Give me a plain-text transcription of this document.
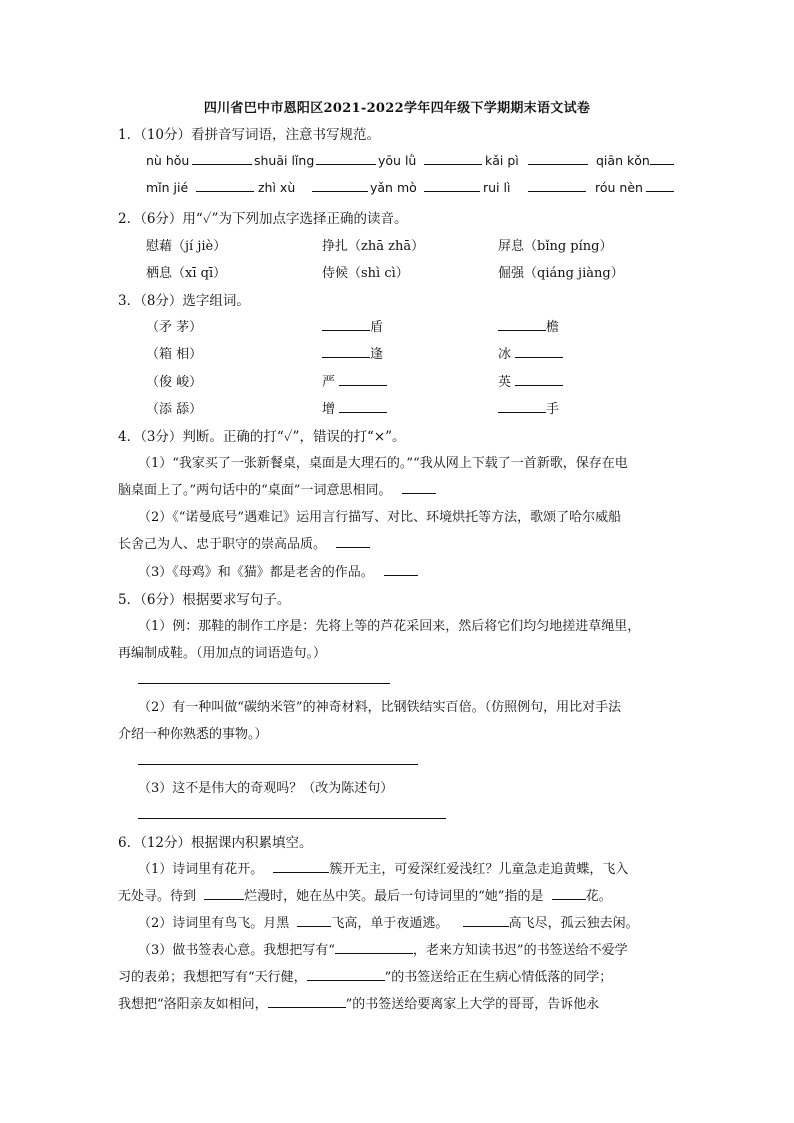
四川省巴中市恩阳区2021-2022学年四年级下学期期末语文试卷
1．（10分）看拼音写词语，注意书写规范。
nù hǒu	shuāi lǐng	yōu lǜ	kǎi pì	qiān kǒn
mǐn jié	zhì xù	yǎn mò	rui lì	róu nèn
2．（6分）用“✓”为下列加点字选择正确的读音。
慰藉（jí jiè）	挣扎（zhā zhā）	屏息（bǐng píng）
栖息（xī qī）	侍候（shì cì）	倔强（qiáng jiàng）
3．（8分）选字组词。
（矛 茅）	盾	檐
（箱 相）	逢	冰
（俊 峻）	严	英
（添 舔）	增	手
4．（3分）判断。正确的打“✓”，错误的打“×”。
（1）“我家买了一张新餐桌，桌面是大理石的。”“我从网上下载了一首新歌，保存在电
脑桌面上了。”两句话中的“桌面”一词意思相同。
（2）《“诺曼底号”遇难记》运用言行描写、对比、环境烘托等方法，歌颂了哈尔威船
长舍己为人、忠于职守的崇高品质。
（3）《母鸡》和《猫》都是老舍的作品。
5．（6分）根据要求写句子。
（1）例：那鞋的制作工序是：先将上等的芦花采回来，然后将它们均匀地搓进草绳里，
再编制成鞋。（用加点的词语造句。）
（2）有一种叫做“碳纳米管”的神奇材料，比钢铁结实百倍。（仿照例句，用比对手法
介绍一种你熟悉的事物。）
（3）这不是伟大的奇观吗？（改为陈述句）
6．（12分）根据课内积累填空。
（1）诗词里有花开。	簇开无主，可爱深红爱浅红？儿童急走追黄蝶，飞入
无处寻。待到	烂漫时，她在丛中笑。最后一句诗词里的“她”指的是	花。
（2）诗词里有鸟飞。月黑	飞高，单于夜遁逃。	高飞尽，孤云独去闲。
（3）做书签表心意。我想把写有“	，老来方知读书迟”的书签送给不爱学
习的表弟；我想把写有“天行健，	”的书签送给正在生病心情低落的同学；
我想把“洛阳亲友如相问，	”的书签送给要离家上大学的哥哥，告诉他永
